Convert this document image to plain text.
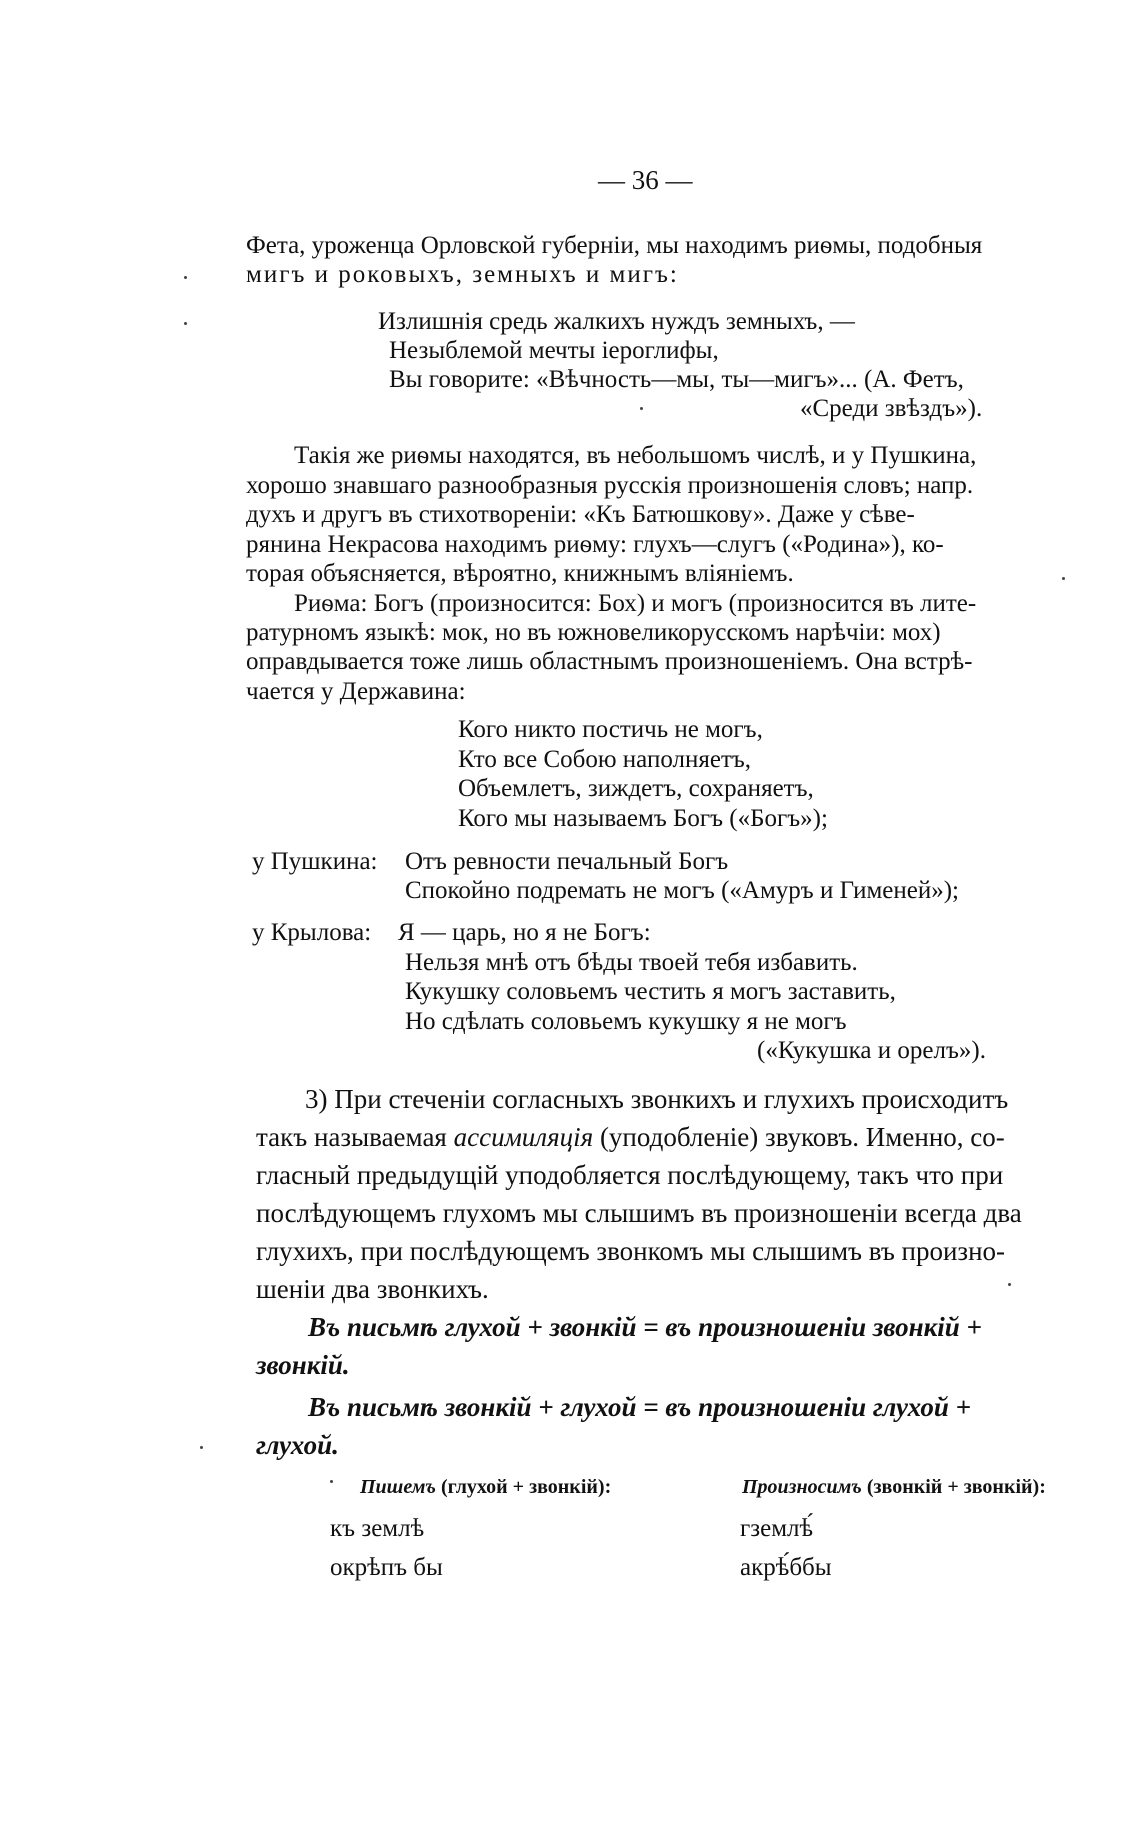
— 36 —
Фета, уроженца Орловской губерніи, мы находимъ риѳмы, подобныя
мигъ и роковыхъ, земныхъ и мигъ:
Излишнія средь жалкихъ нуждъ земныхъ, —
Незыблемой мечты іероглифы,
Вы говорите: «Вѣчность—мы, ты—мигъ»... (А. Фетъ,
«Среди звѣздъ»).
Такія же риѳмы находятся, въ небольшомъ числѣ, и у Пушкина,
хорошо знавшаго разнообразныя русскія произношенія словъ; напр.
духъ и другъ въ стихотвореніи: «Къ Батюшкову». Даже у сѣве-
рянина Некрасова находимъ риѳму: глухъ—слугъ («Родина»), ко-
торая объясняется, вѣроятно, книжнымъ вліяніемъ.
Риѳма: Богъ (произносится: Бох) и могъ (произносится въ лите-
ратурномъ языкѣ: мок, но въ южновеликорусскомъ нарѣчіи: мох)
оправдывается тоже лишь областнымъ произношеніемъ. Она встрѣ-
чается у Державина:
Кого никто постичь не могъ,
Кто все Собою наполняетъ,
Объемлетъ, зиждетъ, сохраняетъ,
Кого мы называемъ Богъ («Богъ»);
у Пушкина: Отъ ревности печальный Богъ
Спокойно подремать не могъ («Амуръ и Гименей»);
у Крылова: Я — царь, но я не Богъ:
Нельзя мнѣ отъ бѣды твоей тебя избавить.
Кукушку соловьемъ честить я могъ заставить,
Но сдѣлать соловьемъ кукушку я не могъ
(«Кукушка и орелъ»).
3) При стеченіи согласныхъ звонкихъ и глухихъ происходитъ
такъ называемая ассимиляція (уподобленіе) звуковъ. Именно, со-
гласный предыдущій уподобляется послѣдующему, такъ что при
послѣдующемъ глухомъ мы слышимъ въ произношеніи всегда два
глухихъ, при послѣдующемъ звонкомъ мы слышимъ въ произно-
шеніи два звонкихъ.
Въ письмѣ глухой + звонкій = въ произношеніи звонкій +
звонкій.
Въ письмѣ звонкій + глухой = въ произношеніи глухой +
глухой.
Пишемъ (глухой + звонкій):	Произносимъ (звонкій + звонкій):
къ землѣ	гземлѣ́
окрѣпъ бы	акрѣ́ббы
